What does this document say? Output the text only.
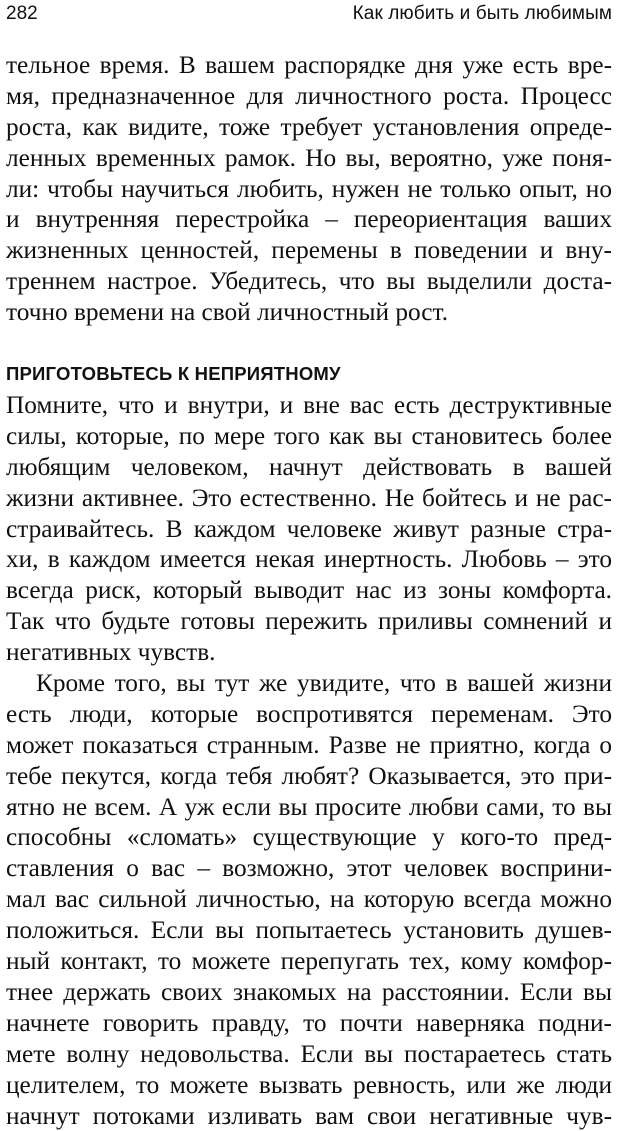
282	Как любить и быть любимым
тельное время. В вашем распорядке дня уже есть вре-
мя, предназначенное для личностного роста. Процесс
роста, как видите, тоже требует установления опреде-
ленных временных рамок. Но вы, вероятно, уже поня-
ли: чтобы научиться любить, нужен не только опыт, но
и внутренняя перестройка – переориентация ваших
жизненных ценностей, перемены в поведении и вну-
треннем настрое. Убедитесь, что вы выделили доста-
точно времени на свой личностный рост.
ПРИГОТОВЬТЕСЬ К НЕПРИЯТНОМУ
Помните, что и внутри, и вне вас есть деструктивные
силы, которые, по мере того как вы становитесь более
любящим человеком, начнут действовать в вашей
жизни активнее. Это естественно. Не бойтесь и не рас-
страивайтесь. В каждом человеке живут разные стра-
хи, в каждом имеется некая инертность. Любовь – это
всегда риск, который выводит нас из зоны комфорта.
Так что будьте готовы пережить приливы сомнений и
негативных чувств.
Кроме того, вы тут же увидите, что в вашей жизни
есть люди, которые воспротивятся переменам. Это
может показаться странным. Разве не приятно, когда о
тебе пекутся, когда тебя любят? Оказывается, это при-
ятно не всем. А уж если вы просите любви сами, то вы
способны «сломать» существующие у кого-то пред-
ставления о вас – возможно, этот человек восприни-
мал вас сильной личностью, на которую всегда можно
положиться. Если вы попытаетесь установить душев-
ный контакт, то можете перепугать тех, кому комфор-
тнее держать своих знакомых на расстоянии. Если вы
начнете говорить правду, то почти наверняка подни-
мете волну недовольства. Если вы постараетесь стать
целителем, то можете вызвать ревность, или же люди
начнут потоками изливать вам свои негативные чув-
